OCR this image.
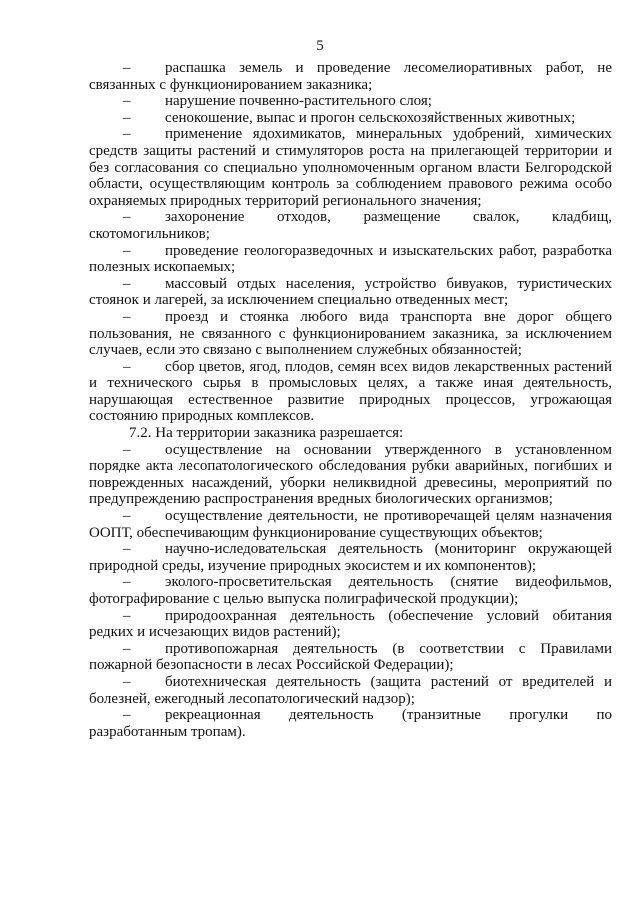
5

– распашка земель и проведение лесомелиоративных работ, не связанных с функционированием заказника;

– нарушение почвенно-растительного слоя;

– сенокошение, выпас и прогон сельскохозяйственных животных;

– применение ядохимикатов, минеральных удобрений, химических средств защиты растений и стимуляторов роста на прилегающей территории и без согласования со специально уполномоченным органом власти Белгородской области, осуществляющим контроль за соблюдением правового режима особо охраняемых природных территорий регионального значения;

– захоронение отходов, размещение свалок, кладбищ, скотомогильников;

– проведение геологоразведочных и изыскательских работ, разработка полезных ископаемых;

– массовый отдых населения, устройство бивуаков, туристических стоянок и лагерей, за исключением специально отведенных мест;

– проезд и стоянка любого вида транспорта вне дорог общего пользования, не связанного с функционированием заказника, за исключением случаев, если это связано с выполнением служебных обязанностей;

– сбор цветов, ягод, плодов, семян всех видов лекарственных растений и технического сырья в промысловых целях, а также иная деятельность, нарушающая естественное развитие природных процессов, угрожающая состоянию природных комплексов.

7.2. На территории заказника разрешается:

– осуществление на основании утвержденного в установленном порядке акта лесопатологического обследования рубки аварийных, погибших и поврежденных насаждений, уборки неликвидной древесины, мероприятий по предупреждению распространения вредных биологических организмов;

– осуществление деятельности, не противоречащей целям назначения ООПТ, обеспечивающим функционирование существующих объектов;

– научно-иследовательская деятельность (мониторинг окружающей природной среды, изучение природных экосистем и их компонентов);

– эколого-просветительская деятельность (снятие видеофильмов, фотографирование с целью выпуска полиграфической продукции);

– природоохранная деятельность (обеспечение условий обитания редких и исчезающих видов растений);

– противопожарная деятельность (в соответствии с Правилами пожарной безопасности в лесах Российской Федерации);

– биотехническая деятельность (защита растений от вредителей и болезней, ежегодный лесопатологический надзор);

– рекреационная деятельность (транзитные прогулки по разработанным тропам).
